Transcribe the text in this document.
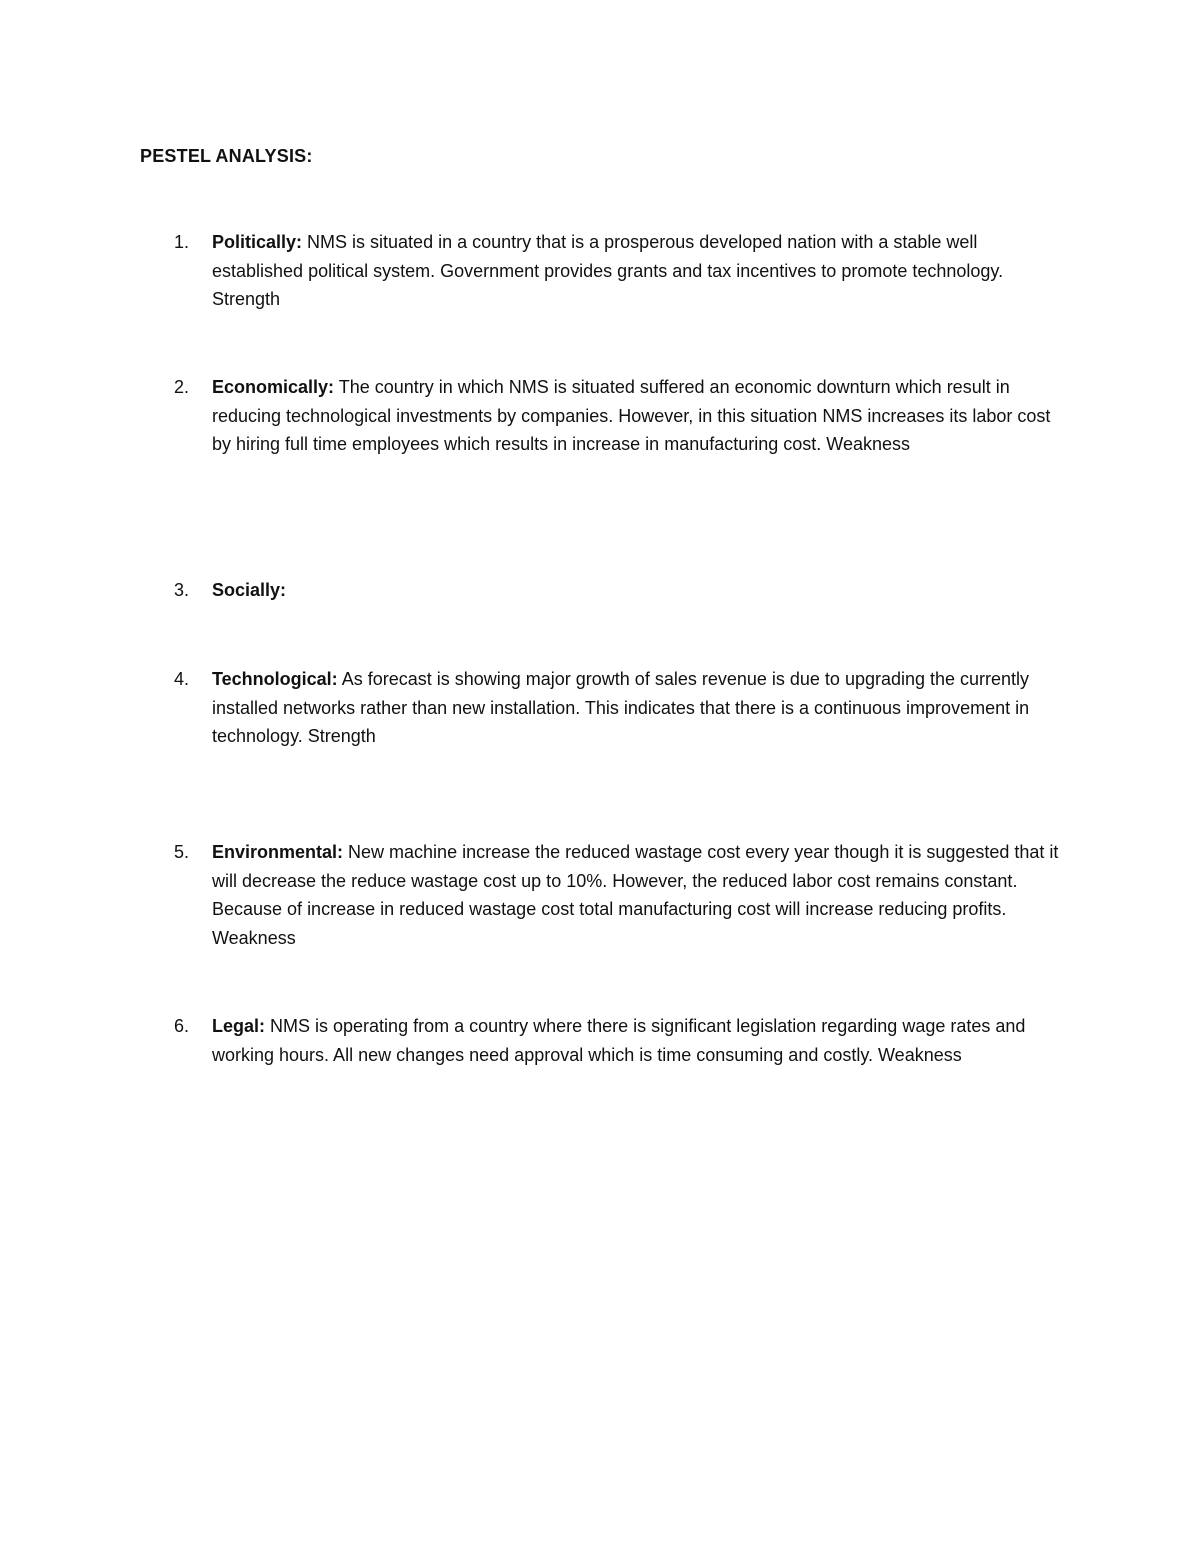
PESTEL ANALYSIS:
1.	Politically: NMS is situated in a country that is a prosperous developed nation with a stable well established political system. Government provides grants and tax incentives to promote technology. Strength
2.	Economically: The country in which NMS is situated suffered an economic downturn which result in reducing technological investments by companies. However, in this situation NMS increases its labor cost by hiring full time employees which results in increase in manufacturing cost. Weakness
3.	Socially:
4.	Technological: As forecast is showing major growth of sales revenue is due to upgrading the currently installed networks rather than new installation. This indicates that there is a continuous improvement in technology. Strength
5.	Environmental: New machine increase the reduced wastage cost every year though it is suggested that it will decrease the reduce wastage cost up to 10%. However, the reduced labor cost remains constant. Because of increase in reduced wastage cost total manufacturing cost will increase reducing profits. Weakness
6.	Legal: NMS is operating from a country where there is significant legislation regarding wage rates and working hours. All new changes need approval which is time consuming and costly. Weakness
